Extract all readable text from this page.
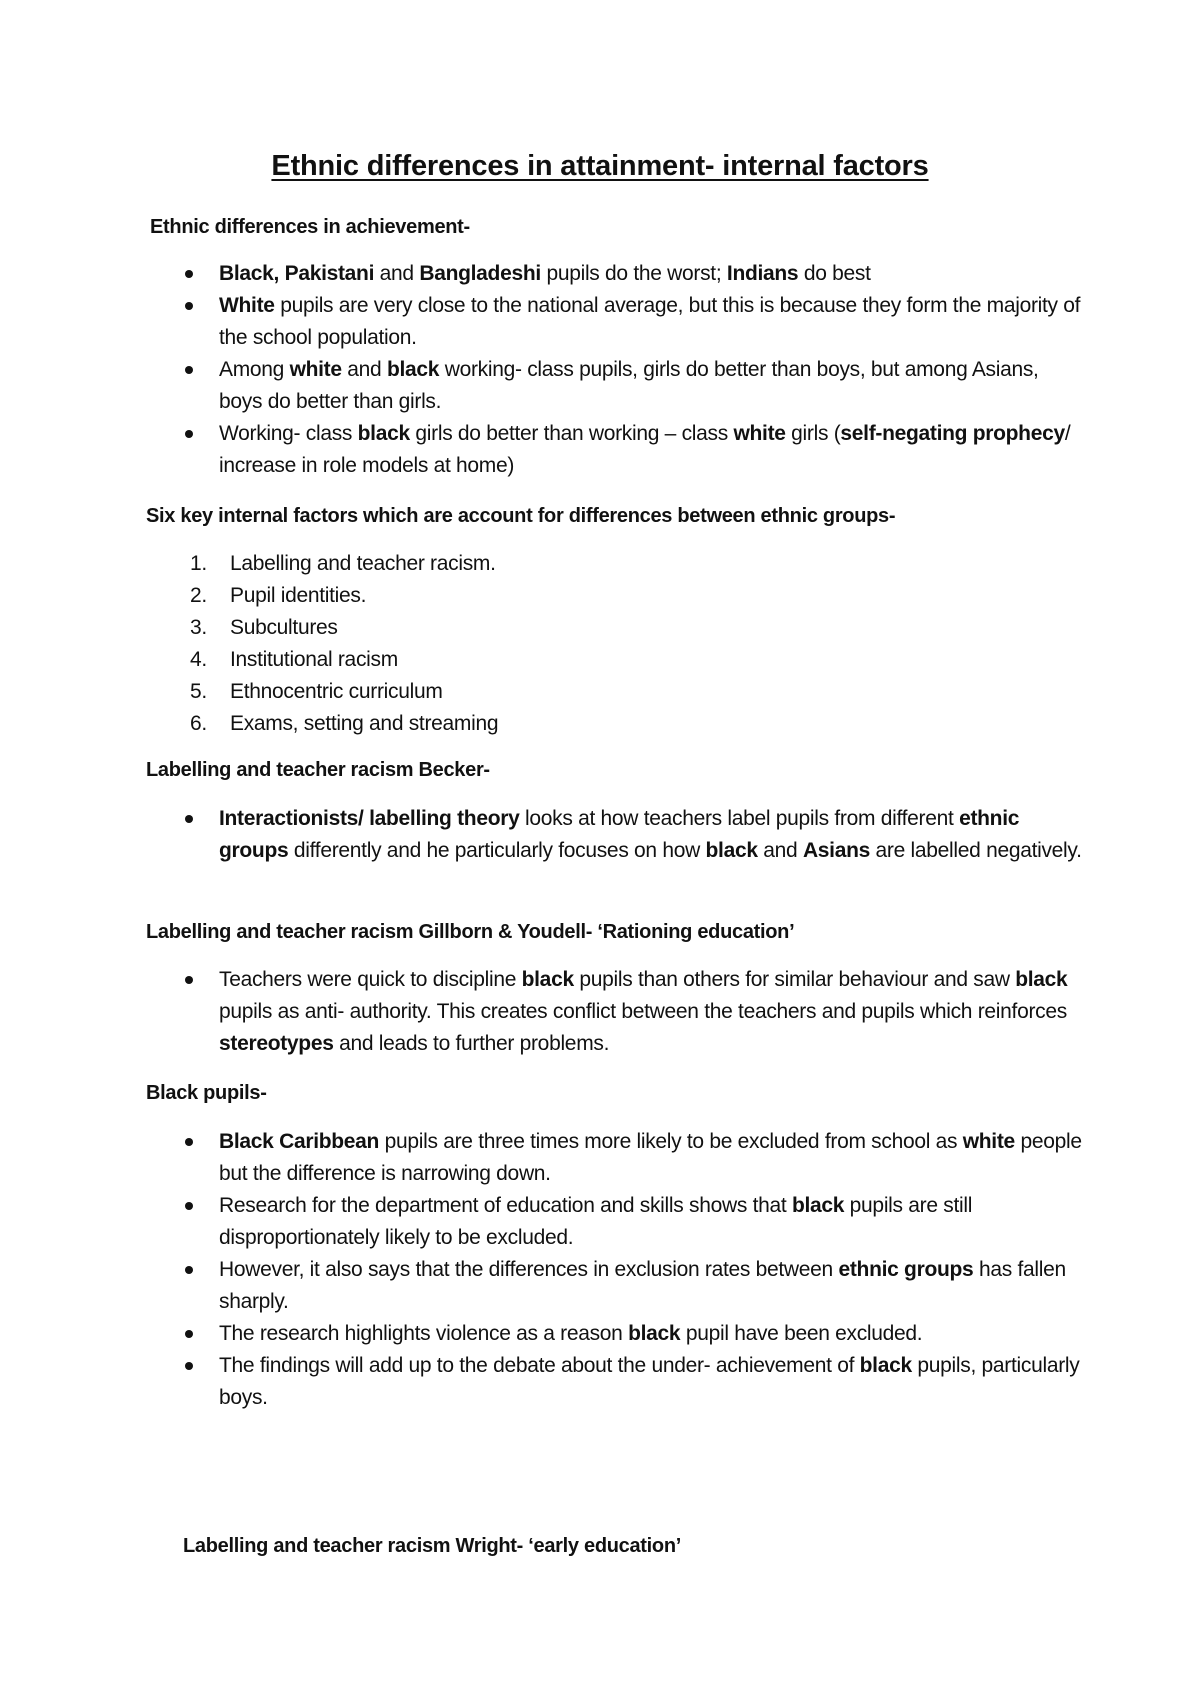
Ethnic differences in attainment- internal factors
Ethnic differences in achievement-
Black, Pakistani and Bangladeshi pupils do the worst; Indians do best
White pupils are very close to the national average, but this is because they form the majority of the school population.
Among white and black working- class pupils, girls do better than boys, but among Asians, boys do better than girls.
Working- class black girls do better than working – class white girls (self-negating prophecy/ increase in role models at home)
Six key internal factors which are account for differences between ethnic groups-
1. Labelling and teacher racism.
2. Pupil identities.
3. Subcultures
4. Institutional racism
5. Ethnocentric curriculum
6. Exams, setting and streaming
Labelling and teacher racism Becker-
Interactionists/ labelling theory looks at how teachers label pupils from different ethnic groups differently and he particularly focuses on how black and Asians are labelled negatively.
Labelling and teacher racism Gillborn & Youdell- ‘Rationing education’
Teachers were quick to discipline black pupils than others for similar behaviour and saw black pupils as anti- authority. This creates conflict between the teachers and pupils which reinforces stereotypes and leads to further problems.
Black pupils-
Black Caribbean pupils are three times more likely to be excluded from school as white people but the difference is narrowing down.
Research for the department of education and skills shows that black pupils are still disproportionately likely to be excluded.
However, it also says that the differences in exclusion rates between ethnic groups has fallen sharply.
The research highlights violence as a reason black pupil have been excluded.
The findings will add up to the debate about the under- achievement of black pupils, particularly boys.
Labelling and teacher racism Wright- ‘early education’
